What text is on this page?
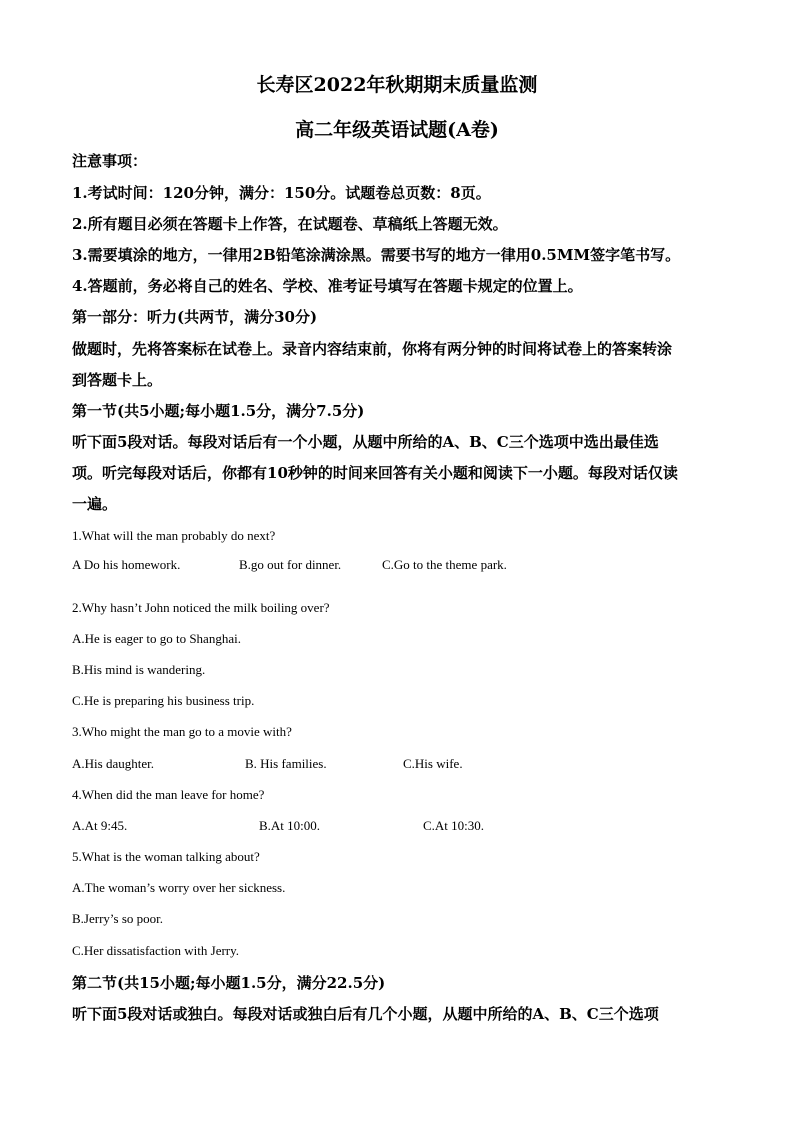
长寿区2022年秋期期末质量监测
高二年级英语试题(A卷)
注意事项：
1.考试时间：120分钟，满分：150分。试题卷总页数：8页。
2.所有题目必须在答题卡上作答，在试题卷、草稿纸上答题无效。
3.需要填涂的地方，一律用2B铅笔涂满涂黑。需要书写的地方一律用0.5MM签字笔书写。
4.答题前，务必将自己的姓名、学校、准考证号填写在答题卡规定的位置上。
第一部分：听力(共两节，满分30分)
做题时，先将答案标在试卷上。录音内容结束前，你将有两分钟的时间将试卷上的答案转涂
到答题卡上。
第一节(共5小题;每小题1.5分，满分7.5分)
听下面5段对话。每段对话后有一个小题，从题中所给的A、B、C三个选项中选出最佳选
项。听完每段对话后，你都有10秒钟的时间来回答有关小题和阅读下一小题。每段对话仅读
一遍。
1.What will the man probably do next?
A Do his homework.	B.go out for dinner.	C.Go to the theme park.
2.Why hasn’t John noticed the milk boiling over?
A.He is eager to go to Shanghai.
B.His mind is wandering.
C.He is preparing his business trip.
3.Who might the man go to a movie with?
A.His daughter.	B. His families.	C.His wife.
4.When did the man leave for home?
A.At 9:45.	B.At 10:00.	C.At 10:30.
5.What is the woman talking about?
A.The woman’s worry over her sickness.
B.Jerry’s so poor.
C.Her dissatisfaction with Jerry.
第二节(共15小题;每小题1.5分，满分22.5分)
听下面5段对话或独白。每段对话或独白后有几个小题，从题中所给的A、B、C三个选项
